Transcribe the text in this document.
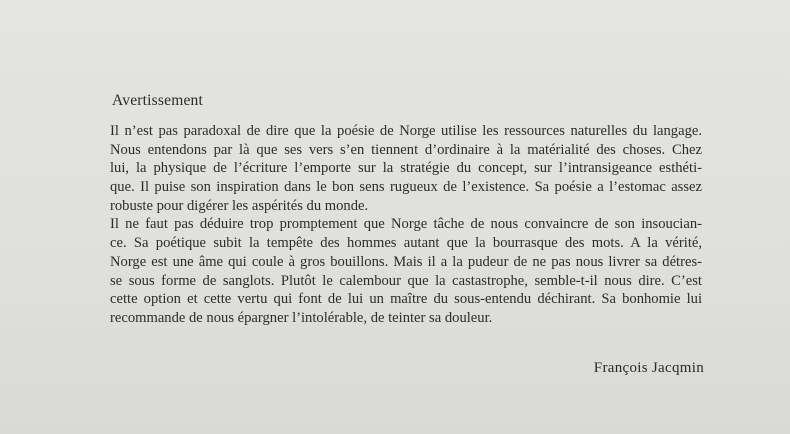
Avertissement
Il n’est pas paradoxal de dire que la poésie de Norge utilise les ressources naturelles du langage.
Nous entendons par là que ses vers s’en tiennent d’ordinaire à la matérialité des choses. Chez
lui, la physique de l’écriture l’emporte sur la stratégie du concept, sur l’intransigeance esthéti-
que. Il puise son inspiration dans le bon sens rugueux de l’existence. Sa poésie a l’estomac assez
robuste pour digérer les aspérités du monde.
Il ne faut pas déduire trop promptement que Norge tâche de nous convaincre de son insoucian-
ce. Sa poétique subit la tempête des hommes autant que la bourrasque des mots. A la vérité,
Norge est une âme qui coule à gros bouillons. Mais il a la pudeur de ne pas nous livrer sa détres-
se sous forme de sanglots. Plutôt le calembour que la castastrophe, semble-t-il nous dire. C’est
cette option et cette vertu qui font de lui un maître du sous-entendu déchirant. Sa bonhomie lui
recommande de nous épargner l’intolérable, de teinter sa douleur.
François Jacqmin
